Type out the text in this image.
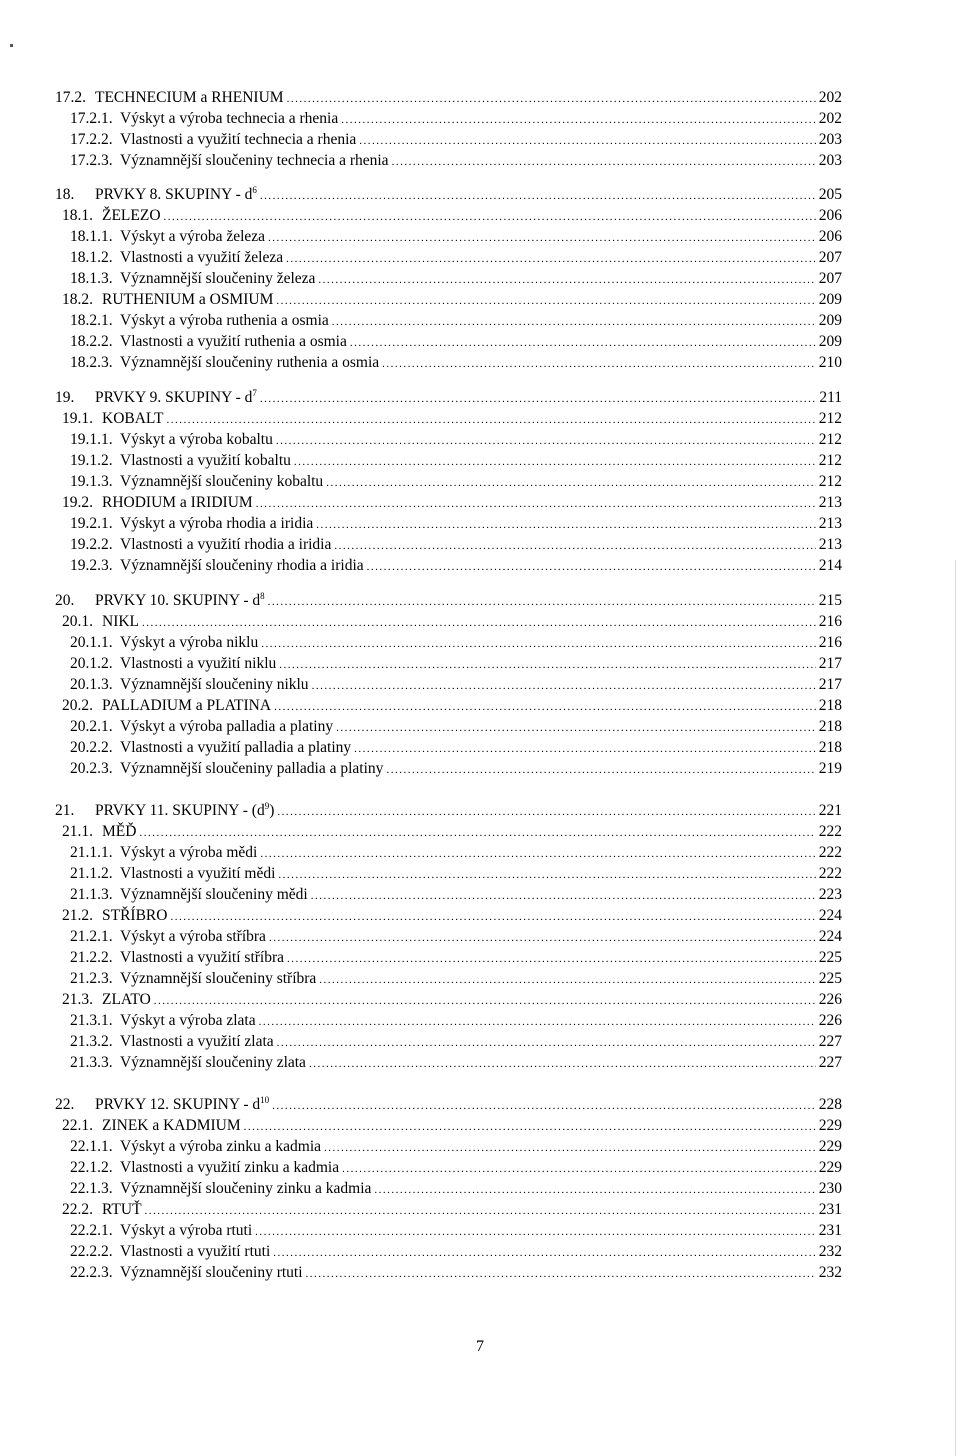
17.2. TECHNECIUM a RHENIUM .....	202
17.2.1. Výskyt a výroba technecia a rhenia .....	202
17.2.2. Vlastnosti a využití technecia a rhenia .....	203
17.2.3. Významnější sloučeniny technecia a rhenia .....	203
18.	PRVKY 8. SKUPINY - $d^6$ .....	205
18.1. ŽELEZO .....	206
18.1.1. Výskyt a výroba železa .....	206
18.1.2. Vlastnosti a využití železa .....	207
18.1.3. Významnější sloučeniny železa .....	207
18.2. RUTHENIUM a OSMIUM .....	209
18.2.1. Výskyt a výroba ruthenia a osmia .....	209
18.2.2. Vlastnosti a využití ruthenia a osmia .....	209
18.2.3. Významnější sloučeniny ruthenia a osmia .....	210
19.	PRVKY 9. SKUPINY - $d^7$ .....	211
19.1. KOBALT .....	212
19.1.1. Výskyt a výroba kobaltu .....	212
19.1.2. Vlastnosti a využití kobaltu .....	212
19.1.3. Významnější sloučeniny kobaltu .....	212
19.2. RHODIUM a IRIDIUM .....	213
19.2.1. Výskyt a výroba rhodia a iridia .....	213
19.2.2. Vlastnosti a využití rhodia a iridia .....	213
19.2.3. Významnější sloučeniny rhodia a iridia .....	214
20.	PRVKY 10. SKUPINY - $d^8$ .....	215
20.1. NIKL .....	216
20.1.1. Výskyt a výroba niklu .....	216
20.1.2. Vlastnosti a využití niklu .....	217
20.1.3. Významnější sloučeniny niklu .....	217
20.2. PALLADIUM a PLATINA .....	218
20.2.1. Výskyt a výroba palladia a platiny .....	218
20.2.2. Vlastnosti a využití palladia a platiny .....	218
20.2.3. Významnější sloučeniny palladia a platiny .....	219
21.	PRVKY 11. SKUPINY - $(d^9)$ .....	221
21.1. MĚĎ .....	222
21.1.1. Výskyt a výroba mědi .....	222
21.1.2. Vlastnosti a využití mědi .....	222
21.1.3. Významnější sloučeniny mědi .....	223
21.2. STŘÍBRO .....	224
21.2.1. Výskyt a výroba stříbra .....	224
21.2.2. Vlastnosti a využití stříbra .....	225
21.2.3. Významnější sloučeniny stříbra .....	225
21.3. ZLATO .....	226
21.3.1. Výskyt a výroba zlata .....	226
21.3.2. Vlastnosti a využití zlata .....	227
21.3.3. Významnější sloučeniny zlata .....	227
22.	PRVKY 12. SKUPINY - $d^{10}$ .....	228
22.1. ZINEK a KADMIUM .....	229
22.1.1. Výskyt a výroba zinku a kadmia .....	229
22.1.2. Vlastnosti a využití zinku a kadmia .....	229
22.1.3. Významnější sloučeniny zinku a kadmia .....	230
22.2. RTUŤ .....	231
22.2.1. Výskyt a výroba rtuti .....	231
22.2.2. Vlastnosti a využití rtuti .....	232
22.2.3. Významnější sloučeniny rtuti .....	232
7
